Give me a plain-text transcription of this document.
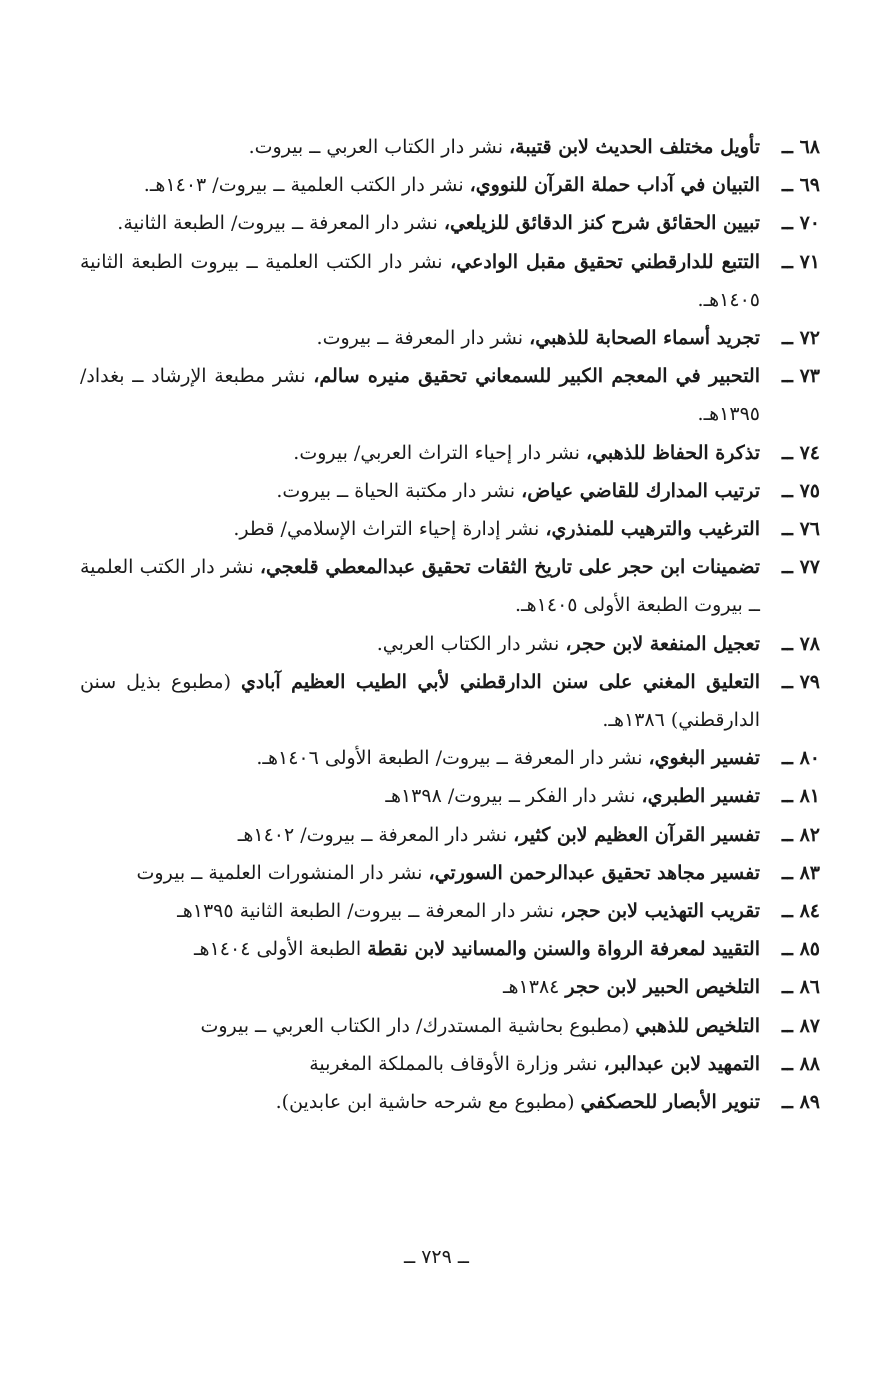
٦٨ ــ
تأويل مختلف الحديث لابن قتيبة، نشر دار الكتاب العربي ــ بيروت.
٦٩ ــ
التبيان في آداب حملة القرآن للنووي، نشر دار الكتب العلمية ــ بيروت/ ١٤٠٣هـ.
٧٠ ــ
تبيين الحقائق شرح كنز الدقائق للزيلعي، نشر دار المعرفة ــ بيروت/ الطبعة الثانية.
٧١ ــ
التتبع للدارقطني تحقيق مقبل الوادعي، نشر دار الكتب العلمية ــ بيروت الطبعة الثانية ١٤٠٥هـ.
٧٢ ــ
تجريد أسماء الصحابة للذهبي، نشر دار المعرفة ــ بيروت.
٧٣ ــ
التحبير في المعجم الكبير للسمعاني تحقيق منيره سالم، نشر مطبعة الإرشاد ــ بغداد/ ١٣٩٥هـ.
٧٤ ــ
تذكرة الحفاظ للذهبي، نشر دار إحياء التراث العربي/ بيروت.
٧٥ ــ
ترتيب المدارك للقاضي عياض، نشر دار مكتبة الحياة ــ بيروت.
٧٦ ــ
الترغيب والترهيب للمنذري، نشر إدارة إحياء التراث الإسلامي/ قطر.
٧٧ ــ
تضمينات ابن حجر على تاريخ الثقات تحقيق عبدالمعطي قلعجي، نشر دار الكتب العلمية ــ بيروت الطبعة الأولى ١٤٠٥هـ.
٧٨ ــ
تعجيل المنفعة لابن حجر، نشر دار الكتاب العربي.
٧٩ ــ
التعليق المغني على سنن الدارقطني لأبي الطيب العظيم آبادي (مطبوع بذيل سنن الدارقطني) ١٣٨٦هـ.
٨٠ ــ
تفسير البغوي، نشر دار المعرفة ــ بيروت/ الطبعة الأولى ١٤٠٦هـ.
٨١ ــ
تفسير الطبري، نشر دار الفكر ــ بيروت/ ١٣٩٨هـ
٨٢ ــ
تفسير القرآن العظيم لابن كثير، نشر دار المعرفة ــ بيروت/ ١٤٠٢هـ
٨٣ ــ
تفسير مجاهد تحقيق عبدالرحمن السورتي، نشر دار المنشورات العلمية ــ بيروت
٨٤ ــ
تقريب التهذيب لابن حجر، نشر دار المعرفة ــ بيروت/ الطبعة الثانية ١٣٩٥هـ
٨٥ ــ
التقييد لمعرفة الرواة والسنن والمسانيد لابن نقطة الطبعة الأولى ١٤٠٤هـ
٨٦ ــ
التلخيص الحبير لابن حجر ١٣٨٤هـ
٨٧ ــ
التلخيص للذهبي (مطبوع بحاشية المستدرك/ دار الكتاب العربي ــ بيروت
٨٨ ــ
التمهيد لابن عبدالبر، نشر وزارة الأوقاف بالمملكة المغربية
٨٩ ــ
تنوير الأبصار للحصكفي (مطبوع مع شرحه حاشية ابن عابدين).
ــ ٧٢٩ ــ
